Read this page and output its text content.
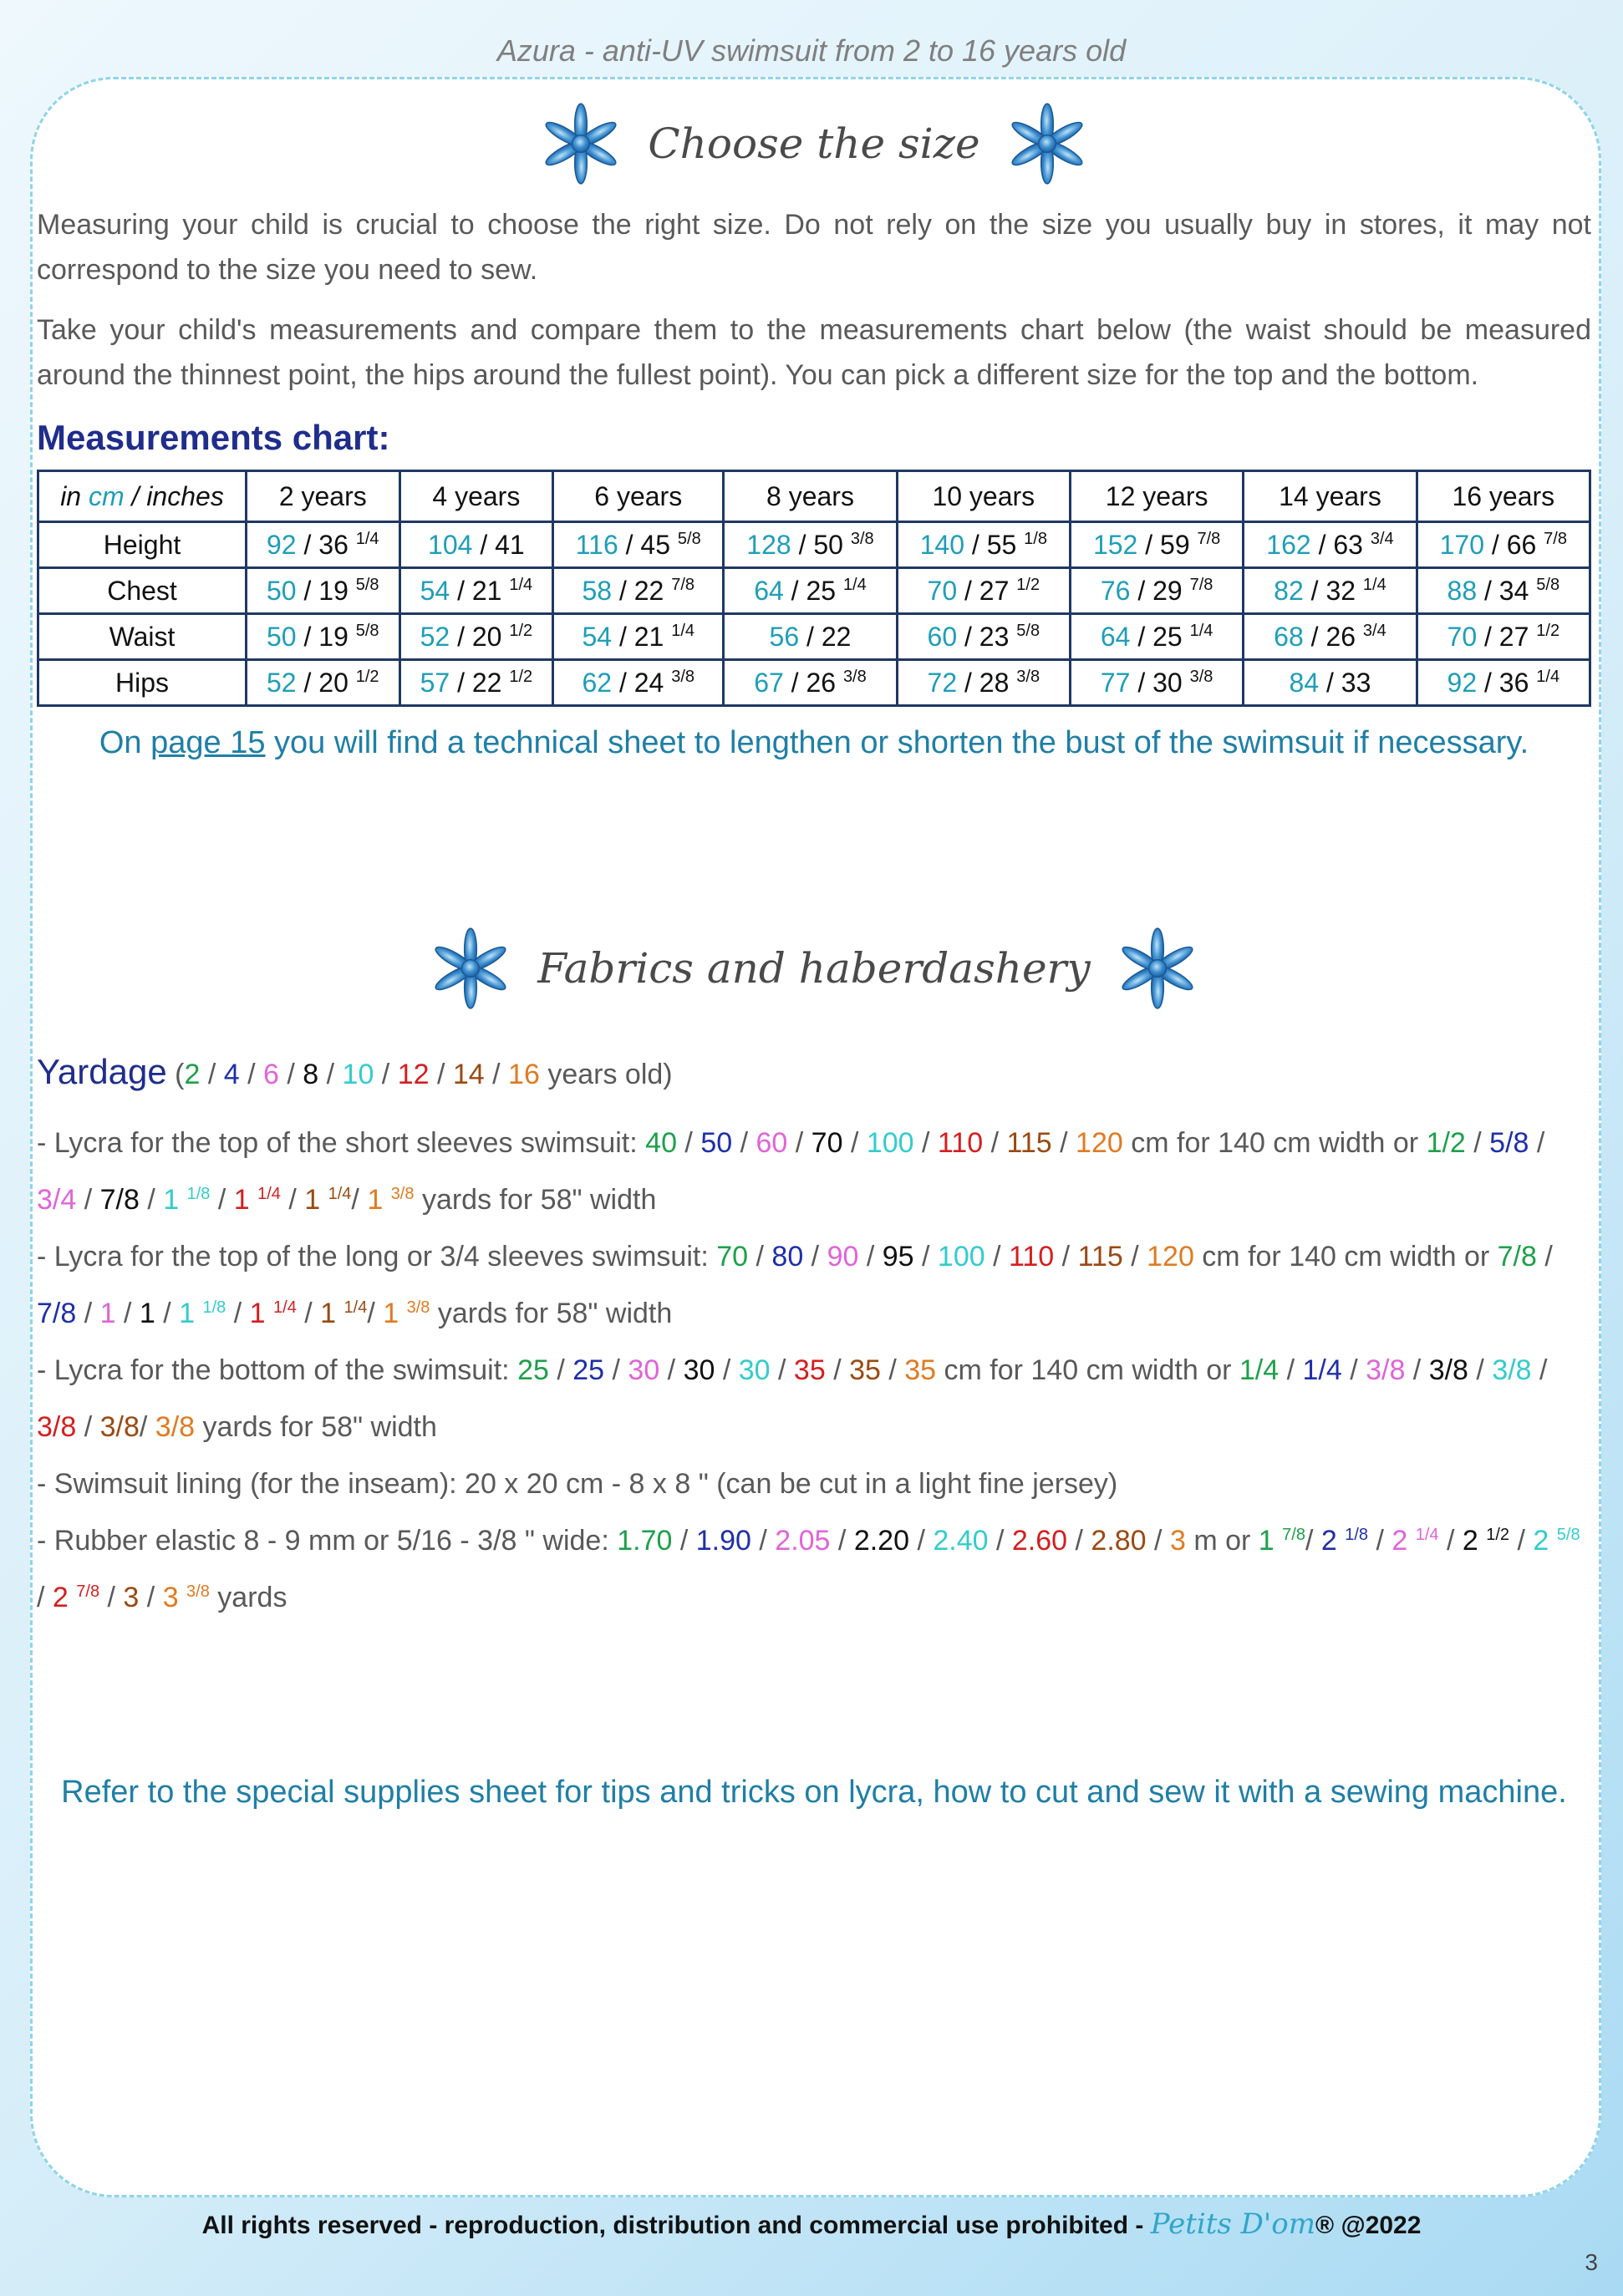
Azura - anti-UV swimsuit from 2 to 16 years old
Choose the size

Measuring your child is crucial to choose the right size. Do not rely on the size you usually buy in stores, it may not correspond to the size you need to sew.

Take your child's measurements and compare them to the measurements chart below (the waist should be measured around the thinnest point, the hips around the fullest point). You can pick a different size for the top and the bottom.

Measurements chart:
in cm / inches	2 years	4 years	6 years	8 years	10 years	12 years	14 years	16 years
Height	92 / 36 $^{1/4}$	104 / 41	116 / 45 $^{5/8}$	128 / 50 $^{3/8}$	140 / 55 $^{1/8}$	152 / 59 $^{7/8}$	162 / 63 $^{3/4}$	170 / 66 $^{7/8}$
Chest	50 / 19 $^{5/8}$	54 / 21 $^{1/4}$	58 / 22 $^{7/8}$	64 / 25 $^{1/4}$	70 / 27 $^{1/2}$	76 / 29 $^{7/8}$	82 / 32 $^{1/4}$	88 / 34 $^{5/8}$
Waist	50 / 19 $^{5/8}$	52 / 20 $^{1/2}$	54 / 21 $^{1/4}$	56 / 22	60 / 23 $^{5/8}$	64 / 25 $^{1/4}$	68 / 26 $^{3/4}$	70 / 27 $^{1/2}$
Hips	52 / 20 $^{1/2}$	57 / 22 $^{1/2}$	62 / 24 $^{3/8}$	67 / 26 $^{3/8}$	72 / 28 $^{3/8}$	77 / 30 $^{3/8}$	84 / 33	92 / 36 $^{1/4}$
On page 15 you will find a technical sheet to lengthen or shorten the bust of the swimsuit if necessary.
Fabrics and haberdashery

Yardage (2 / 4 / 6 / 8 / 10 / 12 / 14 / 16 years old)

- Lycra for the top of the short sleeves swimsuit: 40 / 50 / 60 / 70 / 100 / 110 / 115 / 120 cm for 140 cm width or 1/2 / 5/8 / 3/4 / 7/8 / 1 $^{1/8}$ / 1 $^{1/4}$ / 1 $^{1/4}$/ 1 $^{3/8}$ yards for 58" width

- Lycra for the top of the long or 3/4 sleeves swimsuit: 70 / 80 / 90 / 95 / 100 / 110 / 115 / 120 cm for 140 cm width or 7/8 / 7/8 / 1 / 1 / 1 $^{1/8}$ / 1 $^{1/4}$ / 1 $^{1/4}$/ 1 $^{3/8}$ yards for 58" width

- Lycra for the bottom of the swimsuit: 25 / 25 / 30 / 30 / 30 / 35 / 35 / 35 cm for 140 cm width or 1/4 / 1/4 / 3/8 / 3/8 / 3/8 / 3/8 / 3/8/ 3/8 yards for 58" width

- Swimsuit lining (for the inseam): 20 x 20 cm - 8 x 8 " (can be cut in a light fine jersey)

- Rubber elastic 8 - 9 mm or 5/16 - 3/8 " wide: 1.70 / 1.90 / 2.05 / 2.20 / 2.40 / 2.60 / 2.80 / 3 m or 1 $^{7/8}$/ 2 $^{1/8}$ / 2 $^{1/4}$ / 2 $^{1/2}$ / 2 $^{5/8}$ / 2 $^{7/8}$ / 3 / 3 $^{3/8}$ yards

Refer to the special supplies sheet for tips and tricks on lycra, how to cut and sew it with a sewing machine.
All rights reserved - reproduction, distribution and commercial use prohibited - Petits D'om® @2022
3
